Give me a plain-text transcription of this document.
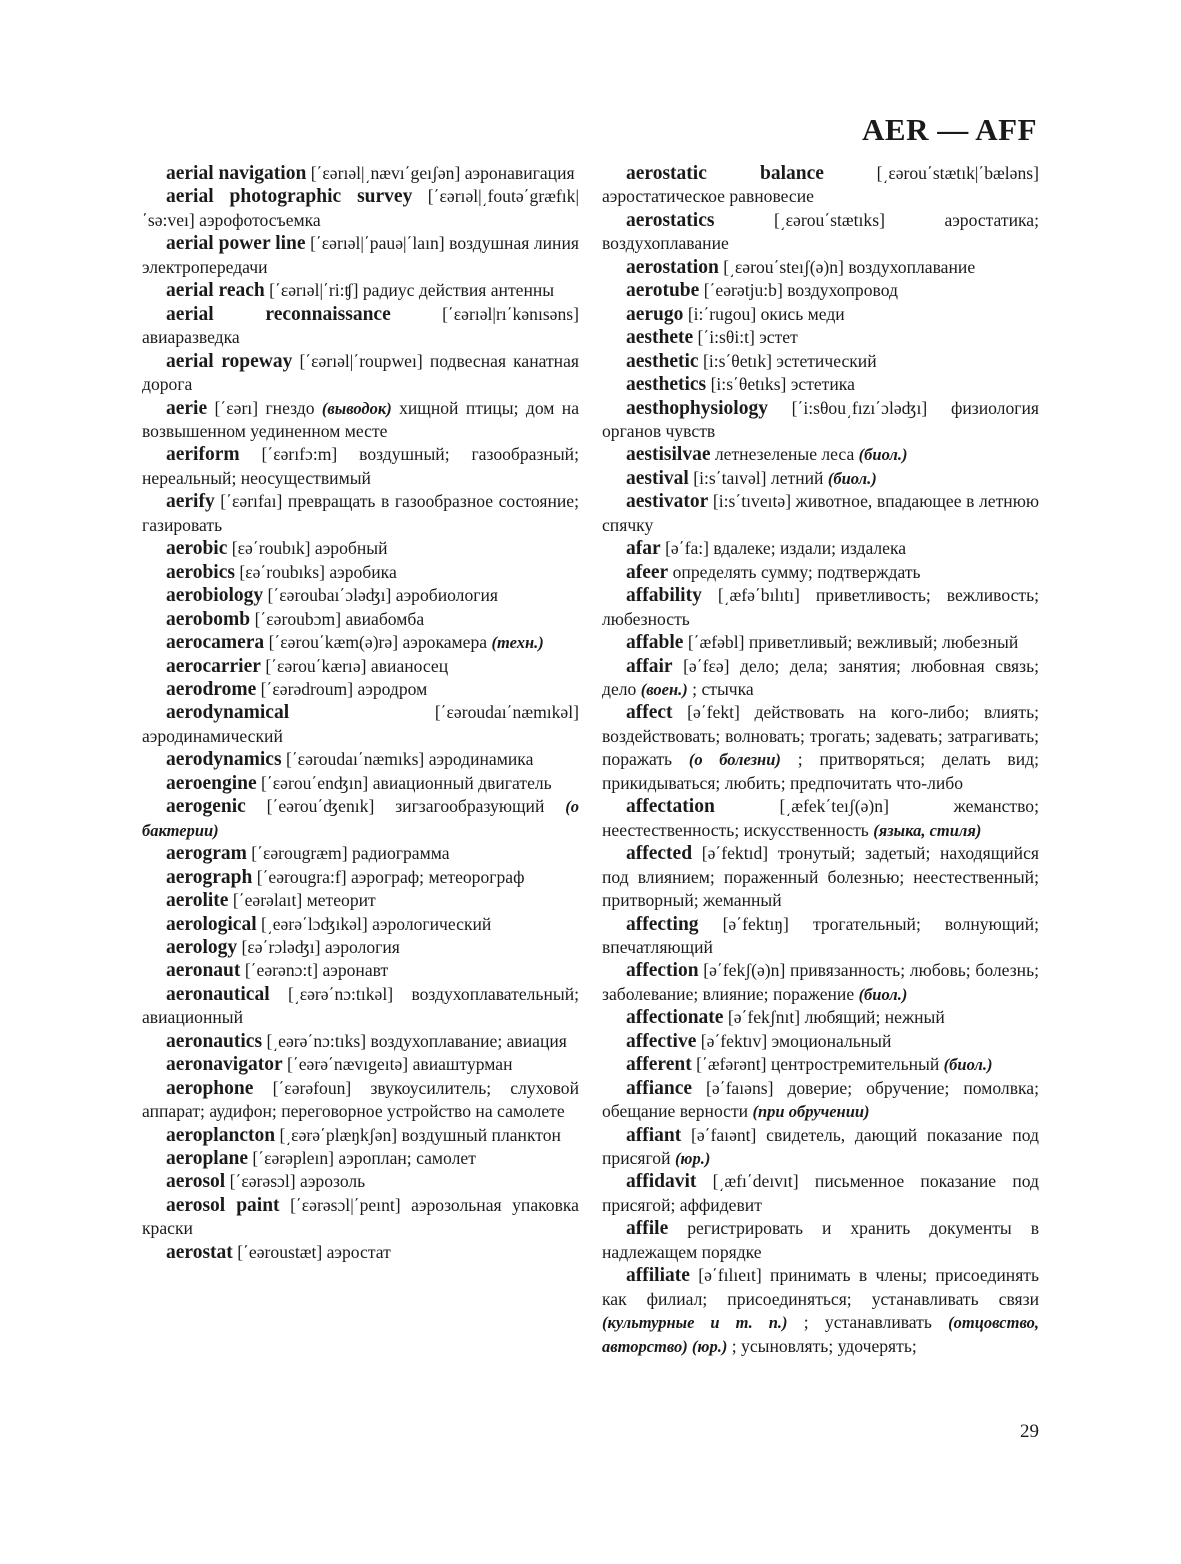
AER — AFF

aerial navigation [΄εərıəl|͵nævı΄geıʃən] аэронавигация

aerial photographic survey [΄εərıəl|͵foutə΄græfık|΄sə:veı] аэрофотосъемка

aerial power line [΄εərıəl|΄pauə|΄laın] воздушная линия электропередачи

aerial reach [΄εərıəl|΄ri:ʧ] радиус действия антенны

aerial reconnaissance	[΄εərıəl|rı΄kənısəns] авиаразведка

aerial ropeway [΄εərıəl|΄roupweı] подвесная канатная дорога

aerie [΄εərı] гнездо (выводок) хищной птицы; дом на возвышенном уединенном месте

aeriform [΄εərıfɔ:m] воздушный; газообразный; нереальный; неосуществимый

aerify [΄εərıfaı] превращать в газообразное состояние; газировать

aerobic [εə΄roubık] аэробный

aerobics [εə΄roubıks] аэробика

aerobiology [΄εəroubaı΄ɔləʤı] аэробиология

aerobomb [΄εəroubɔm] авиабомба

aerocamera [΄εərou΄kæm(ə)rə] аэрокамера (техн.)

aerocarrier [΄εərou΄kærıə] авианосец

aerodrome [΄εərədroum] аэродром

aerodynamical	[΄εəroudaı΄næmıkəl] аэродинамический

aerodynamics [΄εəroudaı΄næmıks] аэродинамика

aeroengine [΄εərou΄enʤın] авиационный двигатель

aerogenic [΄eərou΄ʤenık] зигзагообразующий (о бактерии)

aerogram [΄εərougræm] радиограмма

aerograph [΄eərougra:f] аэрограф; метеорограф

aerolite [΄eərəlaıt] метеорит

aerological [͵eərə΄lɔʤıkəl] аэрологический

aerology [εə΄rɔləʤı] аэрология

aeronaut [΄eərənɔ:t] аэронавт

aeronautical [͵εərə΄nɔ:tıkəl] воздухоплавательный; авиационный

aeronautics [͵eərə΄nɔ:tıks] воздухоплавание; авиация

aeronavigator [΄eərə΄nævıgeıtə] авиаштурман

aerophone [΄εərəfoun] звукоусилитель; слуховой аппарат; аудифон; переговорное устройство на самолете

aeroplancton [͵εərə΄plæŋkʃən] воздушный планктон

aeroplane [΄εərəpleın] аэроплан; самолет

aerosol [΄εərəsɔl] аэрозоль

aerosol paint [΄εərəsɔl|΄peınt] аэрозольная упаковка краски

aerostat [΄eəroustæt] аэростат

aerostatic balance	[͵εərou΄stætık|΄bæləns] аэростатическое равновесие

aerostatics	[͵εərou΄stætıks]	аэростатика; воздухоплавание

aerostation [͵εərou΄steıʃ(ə)n] воздухоплавание

aerotube [΄eərətju:b] воздухопровод

aerugo [i:΄rugou] окись меди

aesthete [΄i:sθi:t] эстет

aesthetic [i:s΄θetık] эстетический

aesthetics [i:s΄θetıks] эстетика

aesthophysiology [΄i:sθou͵fızı΄ɔləʤı] физиология органов чувств

aestisilvae летнезеленые леса (биол.)

aestival [i:s΄taıvəl] летний (биол.)

aestivator [i:s΄tıveıtə] животное, впадающее в летнюю спячку

afar [ə΄fa:] вдалеке; издали; издалека

afeer определять сумму; подтверждать

affability [͵æfə΄bılıtı] приветливость; вежливость; любезность

affable [΄æfəbl] приветливый; вежливый; любезный

affair [ə΄fεə] дело; дела; занятия; любовная связь; дело (воен.) ; стычка

affect [ə΄fekt] действовать на кого-либо; влиять; воздействовать; волновать; трогать; задевать; затрагивать; поражать (о болезни) ; притворяться; делать вид; прикидываться; любить; предпочитать что-либо

affectation	[͵æfek΄teıʃ(ə)n]	жеманство; неестественность; искусственность (языка, стиля)

affected [ə΄fektıd] тронутый; задетый; находящийся под влиянием; пораженный болезнью; неестественный; притворный; жеманный

affecting [ə΄fektıŋ] трогательный; волнующий; впечатляющий

affection [ə΄fekʃ(ə)n] привязанность; любовь; болезнь; заболевание; влияние; поражение (биол.)

affectionate [ə΄fekʃnıt] любящий; нежный

affective [ə΄fektıv] эмоциональный

afferent [΄æfərənt] центростремительный (биол.)

affiance [ə΄faıəns] доверие; обручение; помолвка; обещание верности (при обручении)

affiant [ə΄faıənt] свидетель, дающий показание под присягой (юр.)

affidavit [͵æfı΄deıvıt] письменное показание под присягой; аффидевит

affile регистрировать и хранить документы в надлежащем порядке

affiliate [ə΄fılıeıt] принимать в члены; присоединять как филиал; присоединяться; устанавливать связи (культурные и т. п.) ; устанавливать (отцовство, авторство) (юр.) ; усыновлять; удочерять;

29
